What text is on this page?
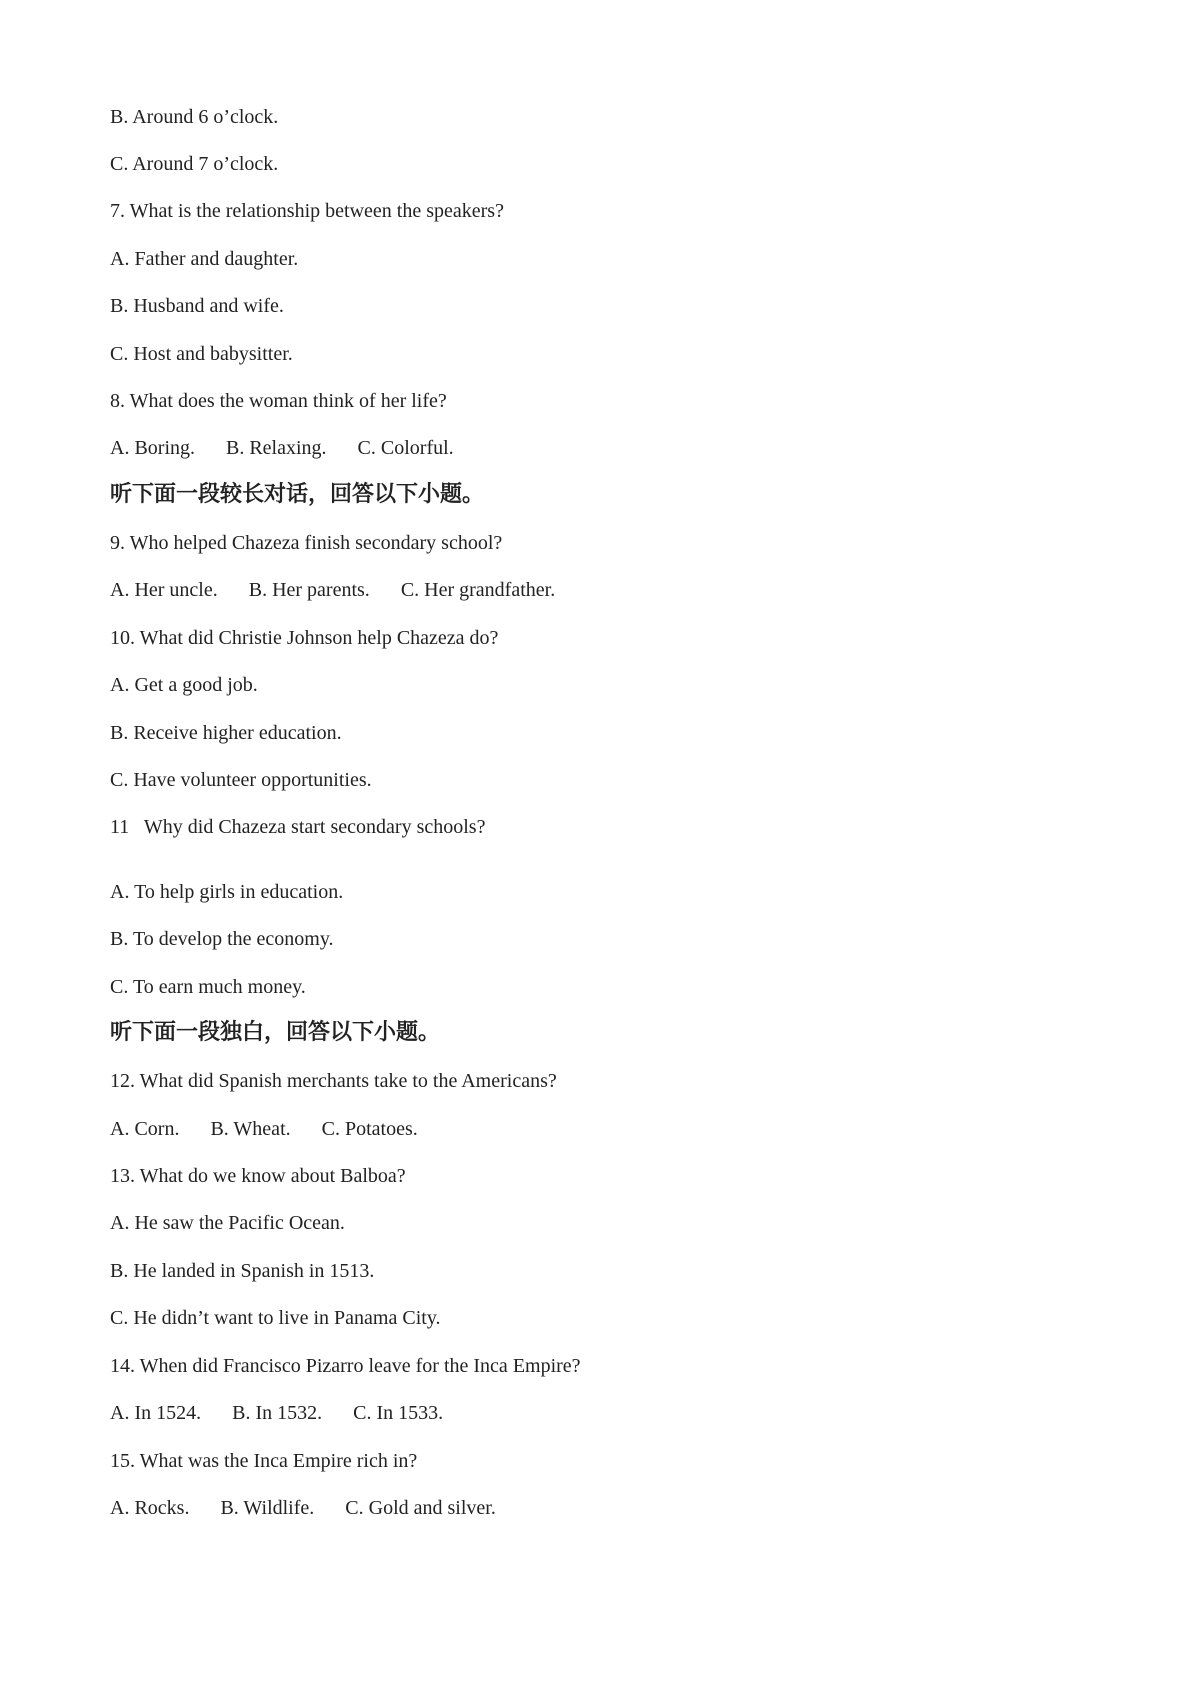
B. Around 6 o’clock.
C. Around 7 o’clock.
7. What is the relationship between the speakers?
A. Father and daughter.
B. Husband and wife.
C. Host and babysitter.
8. What does the woman think of her life?
A. Boring. B. Relaxing. C. Colorful.
听下面一段较长对话，回答以下小题。
9. Who helped Chazeza finish secondary school?
A. Her uncle. B. Her parents. C. Her grandfather.
10. What did Christie Johnson help Chazeza do?
A. Get a good job.
B. Receive higher education.
C. Have volunteer opportunities.
11   Why did Chazeza start secondary schools?
A. To help girls in education.
B. To develop the economy.
C. To earn much money.
听下面一段独白，回答以下小题。
12. What did Spanish merchants take to the Americans?
A. Corn. B. Wheat. C. Potatoes.
13. What do we know about Balboa?
A. He saw the Pacific Ocean.
B. He landed in Spanish in 1513.
C. He didn’t want to live in Panama City.
14. When did Francisco Pizarro leave for the Inca Empire?
A. In 1524. B. In 1532. C. In 1533.
15. What was the Inca Empire rich in?
A. Rocks. B. Wildlife. C. Gold and silver.
